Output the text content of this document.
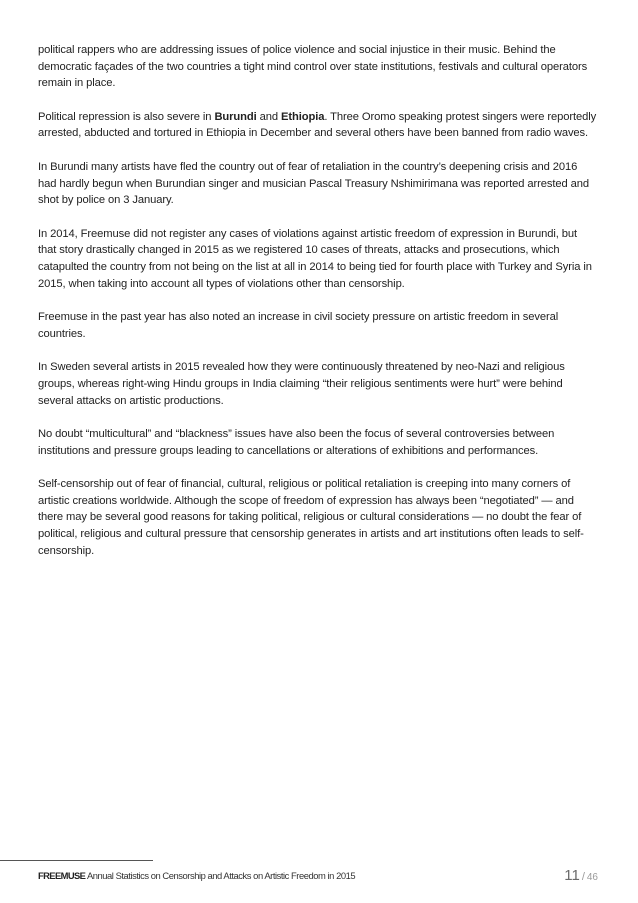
political rappers who are addressing issues of police violence and social injustice in their music. Behind the democratic façades of the two countries a tight mind control over state institutions, festivals and cultural operators remain in place.

Political repression is also severe in Burundi and Ethiopia. Three Oromo speaking protest singers were reportedly arrested, abducted and tortured in Ethiopia in December and several others have been banned from radio waves.

In Burundi many artists have fled the country out of fear of retaliation in the country’s deepening crisis and 2016 had hardly begun when Burundian singer and musician Pascal Treasury Nshimirimana was reported arrested and shot by police on 3 January.

In 2014, Freemuse did not register any cases of violations against artistic freedom of expression in Burundi, but that story drastically changed in 2015 as we registered 10 cases of threats, attacks and prosecutions, which catapulted the country from not being on the list at all in 2014 to being tied for fourth place with Turkey and Syria in 2015, when taking into account all types of violations other than censorship.

Freemuse in the past year has also noted an increase in civil society pressure on artistic freedom in several countries.

In Sweden several artists in 2015 revealed how they were continuously threatened by neo-Nazi and religious groups, whereas right-wing Hindu groups in India claiming “their religious sentiments were hurt” were behind several attacks on artistic productions.

No doubt “multicultural” and “blackness” issues have also been the focus of several controversies between institutions and pressure groups leading to cancellations or alterations of exhibitions and performances.

Self-censorship out of fear of financial, cultural, religious or political retaliation is creeping into many corners of artistic creations worldwide. Although the scope of freedom of expression has always been “negotiated” — and there may be several good reasons for taking political, religious or cultural considerations — no doubt the fear of political, religious and cultural pressure that censorship generates in artists and art institutions often leads to self-censorship.

FREEMUSE Annual Statistics on Censorship and Attacks on Artistic Freedom in 2015	11 / 46
